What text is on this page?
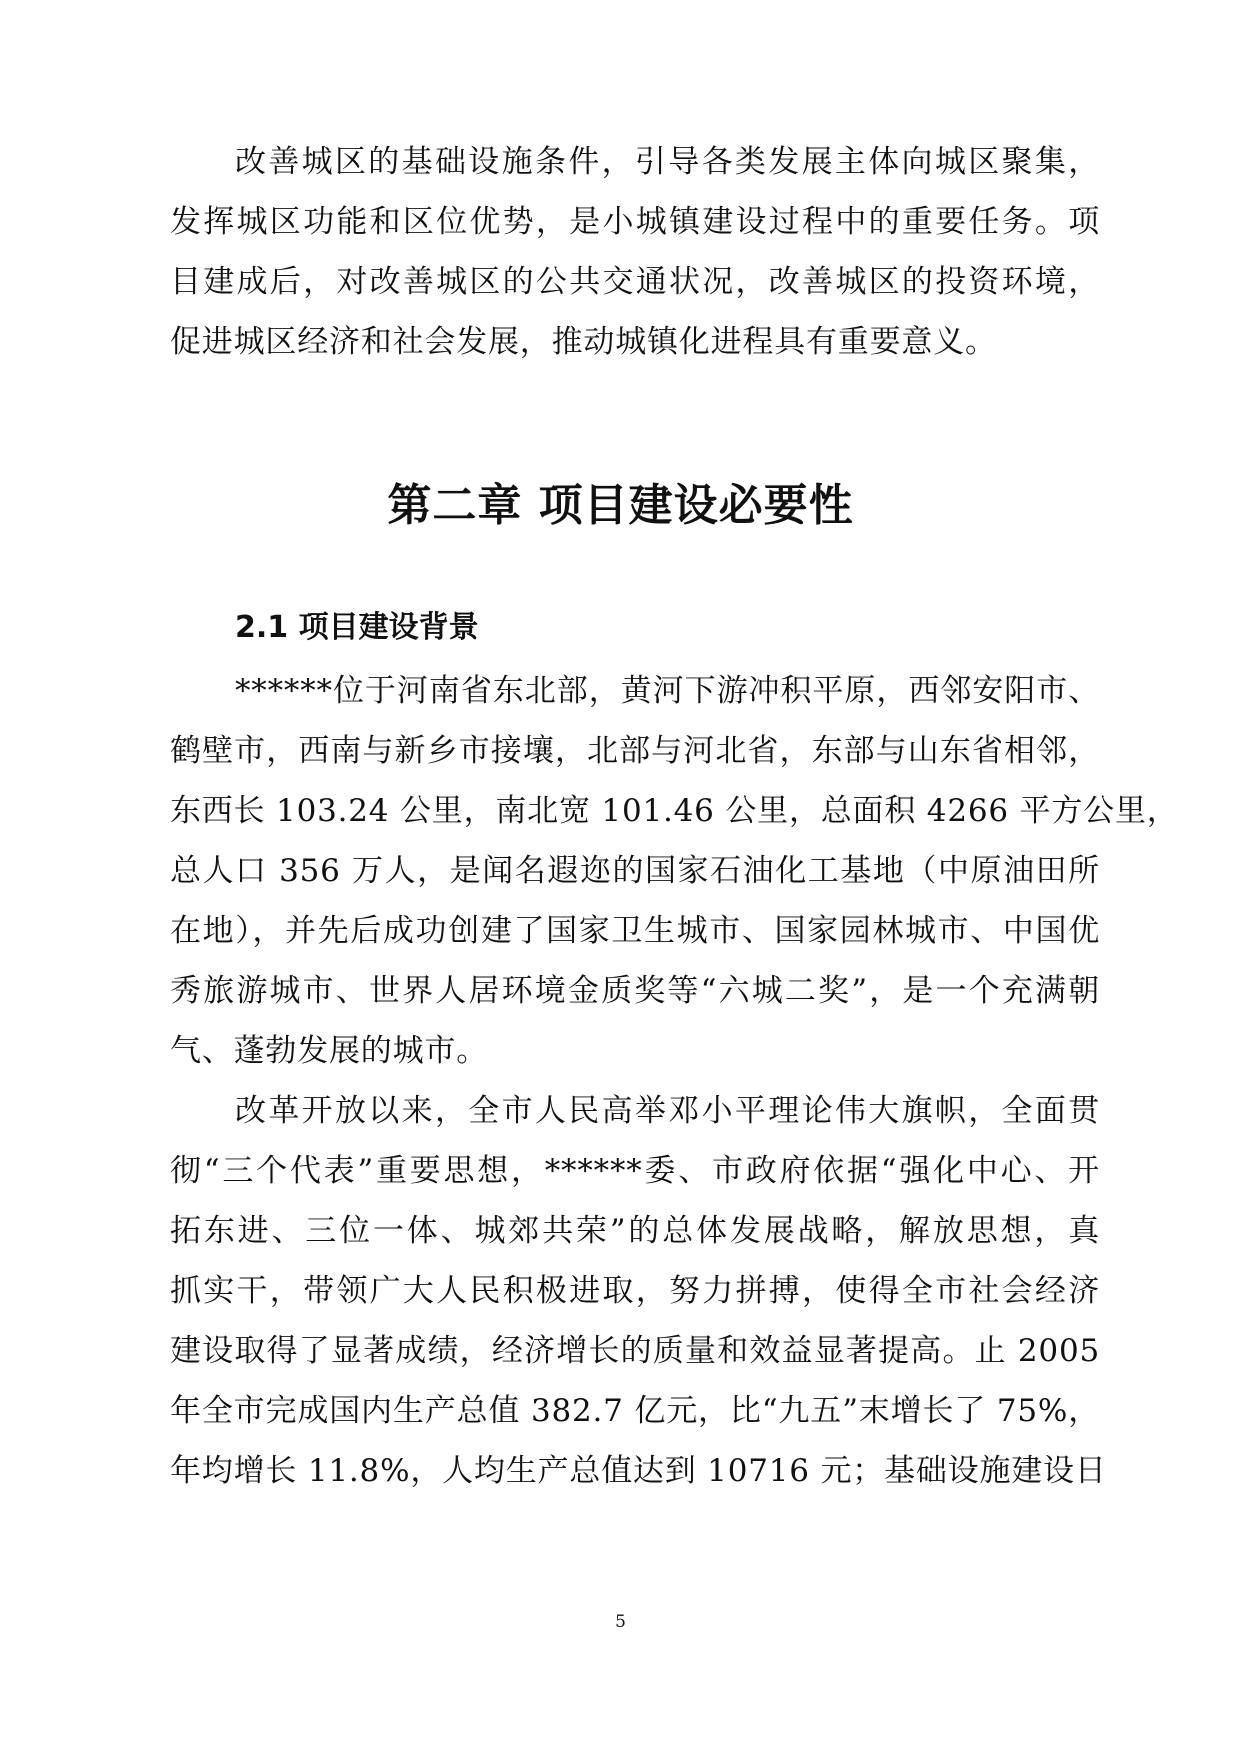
改善城区的基础设施条件，引导各类发展主体向城区聚集，
发挥城区功能和区位优势，是小城镇建设过程中的重要任务。项
目建成后，对改善城区的公共交通状况，改善城区的投资环境，
促进城区经济和社会发展，推动城镇化进程具有重要意义。
第二章 项目建设必要性
2.1 项目建设背景
******位于河南省东北部，黄河下游冲积平原，西邻安阳市、
鹤壁市，西南与新乡市接壤，北部与河北省，东部与山东省相邻，
东西长 103.24 公里，南北宽 101.46 公里，总面积 4266 平方公里，
总人口 356 万人，是闻名遐迩的国家石油化工基地（中原油田所
在地），并先后成功创建了国家卫生城市、国家园林城市、中国优
秀旅游城市、世界人居环境金质奖等“六城二奖”，是一个充满朝
气、蓬勃发展的城市。
改革开放以来，全市人民高举邓小平理论伟大旗帜，全面贯
彻“三个代表”重要思想，******委、市政府依据“强化中心、开
拓东进、三位一体、城郊共荣”的总体发展战略，解放思想，真
抓实干，带领广大人民积极进取，努力拼搏，使得全市社会经济
建设取得了显著成绩，经济增长的质量和效益显著提高。止 2005
年全市完成国内生产总值 382.7 亿元，比“九五”末增长了 75%，
年均增长 11.8%，人均生产总值达到 10716 元；基础设施建设日
5
